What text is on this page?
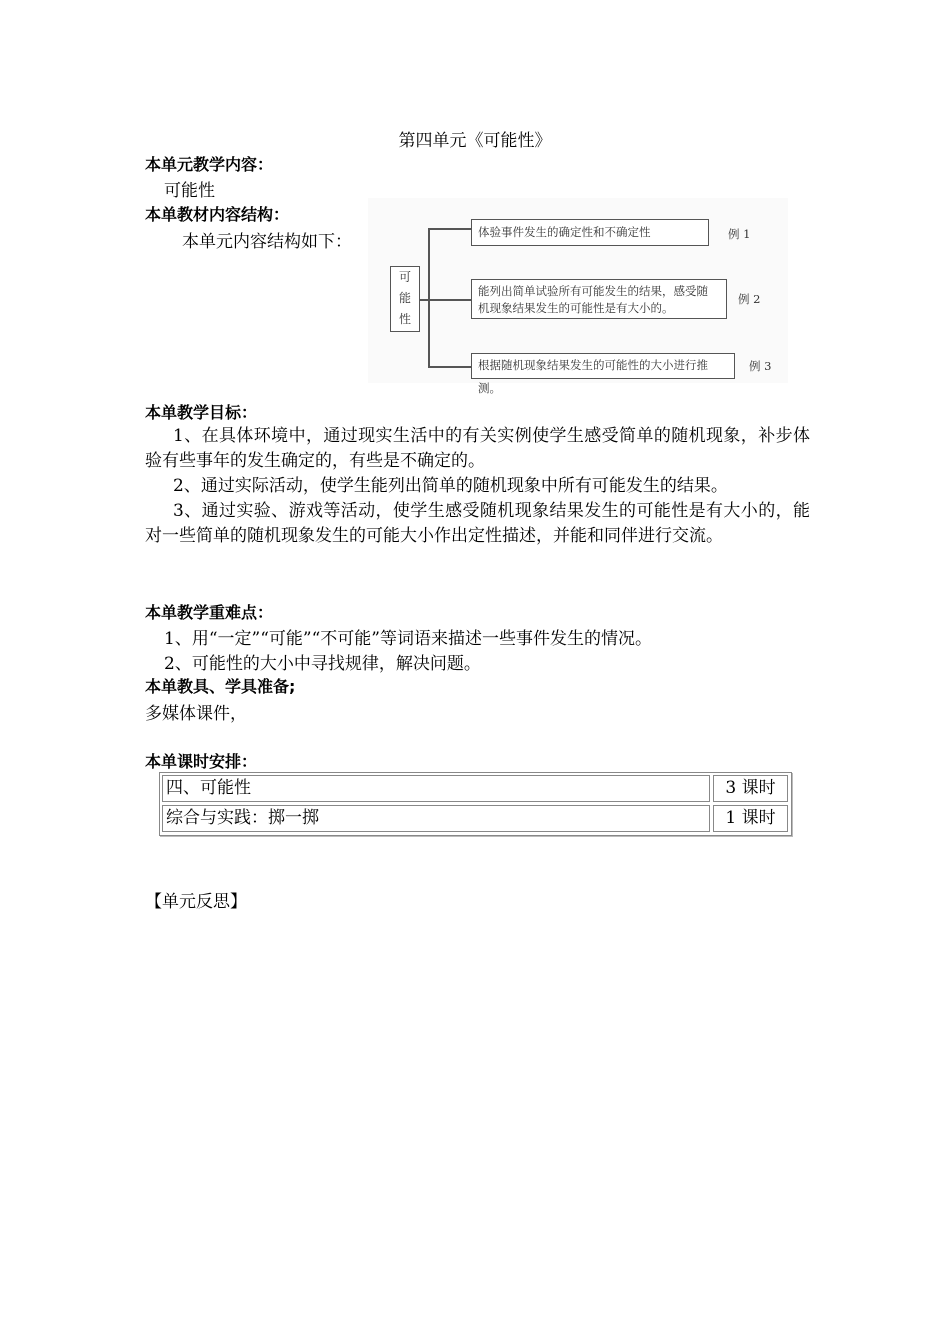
第四单元《可能性》
本单元教学内容：
可能性
本单教材内容结构：
本单元内容结构如下：
可
能
性
体验事件发生的确定性和不确定性	例 1
能列出简单试验所有可能发生的结果，感受随
机现象结果发生的可能性是有大小的。
例 2
根据随机现象结果发生的可能性的大小进行推测。
例 3
本单教学目标：
1、在具体环境中，通过现实生活中的有关实例使学生感受简单的随机现象，补步体验有些事年的发生确定的，有些是不确定的。
2、通过实际活动，使学生能列出简单的随机现象中所有可能发生的结果。
3、通过实验、游戏等活动，使学生感受随机现象结果发生的可能性是有大小的，能对一些简单的随机现象发生的可能大小作出定性描述，并能和同伴进行交流。
本单教学重难点：
1、用“一定”“可能”“不可能”等词语来描述一些事件发生的情况。
2、可能性的大小中寻找规律，解决问题。
本单教具、学具准备;
多媒体课件，
本单课时安排：
四、可能性	3 课时
综合与实践：掷一掷	1 课时
【单元反思】
